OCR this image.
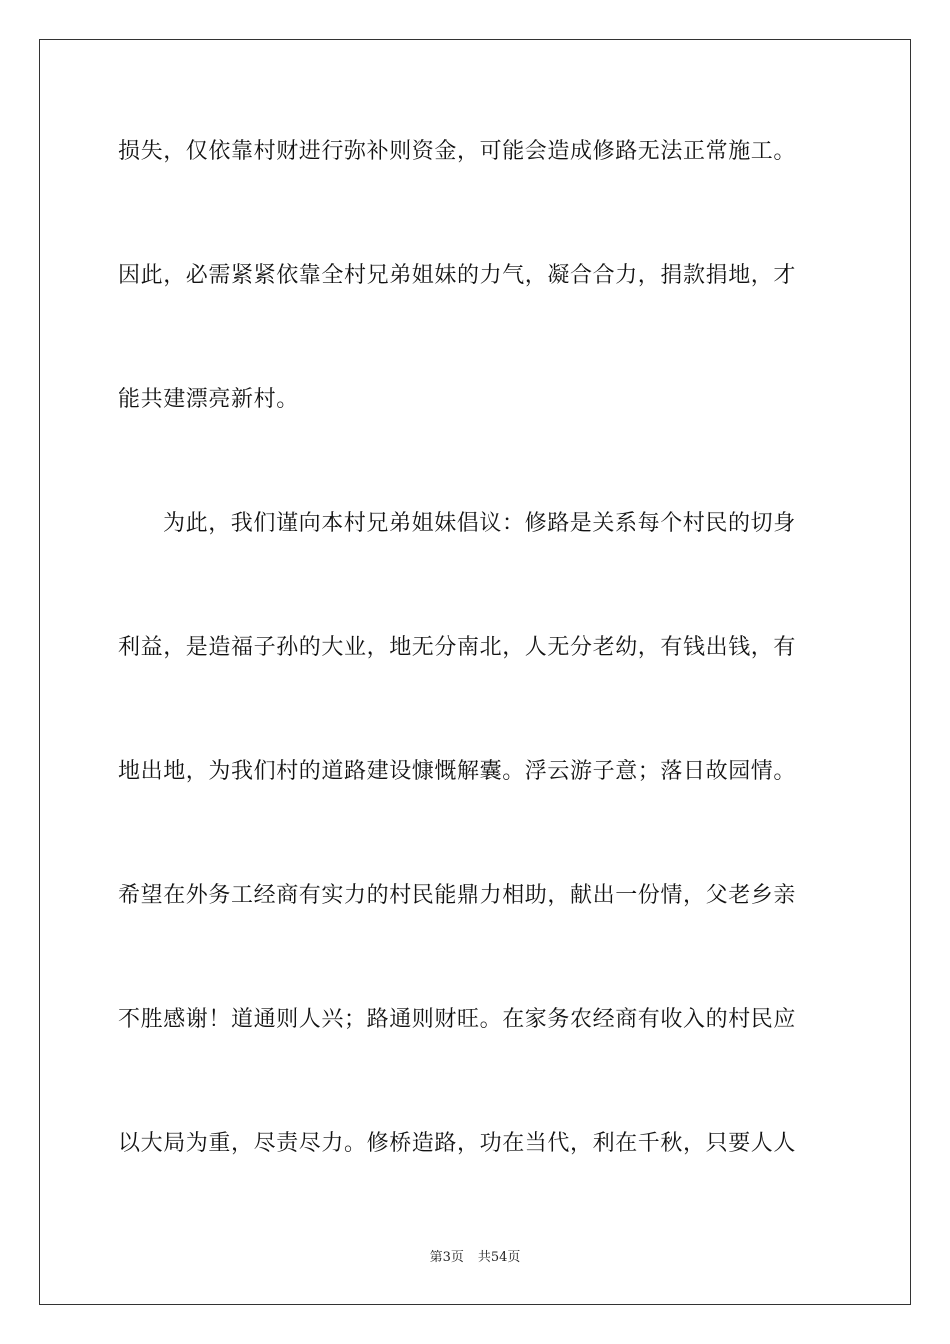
损失，仅依靠村财进行弥补则资金，可能会造成修路无法正常施工。
因此，必需紧紧依靠全村兄弟姐妹的力气，凝合合力，捐款捐地，才
能共建漂亮新村。
为此，我们谨向本村兄弟姐妹倡议：修路是关系每个村民的切身
利益，是造福子孙的大业，地无分南北，人无分老幼，有钱出钱，有
地出地，为我们村的道路建设慷慨解囊。浮云游子意；落日故园情。
希望在外务工经商有实力的村民能鼎力相助，献出一份情，父老乡亲
不胜感谢！道通则人兴；路通则财旺。在家务农经商有收入的村民应
以大局为重，尽责尽力。修桥造路，功在当代，利在千秋，只要人人
第3页 共54页
